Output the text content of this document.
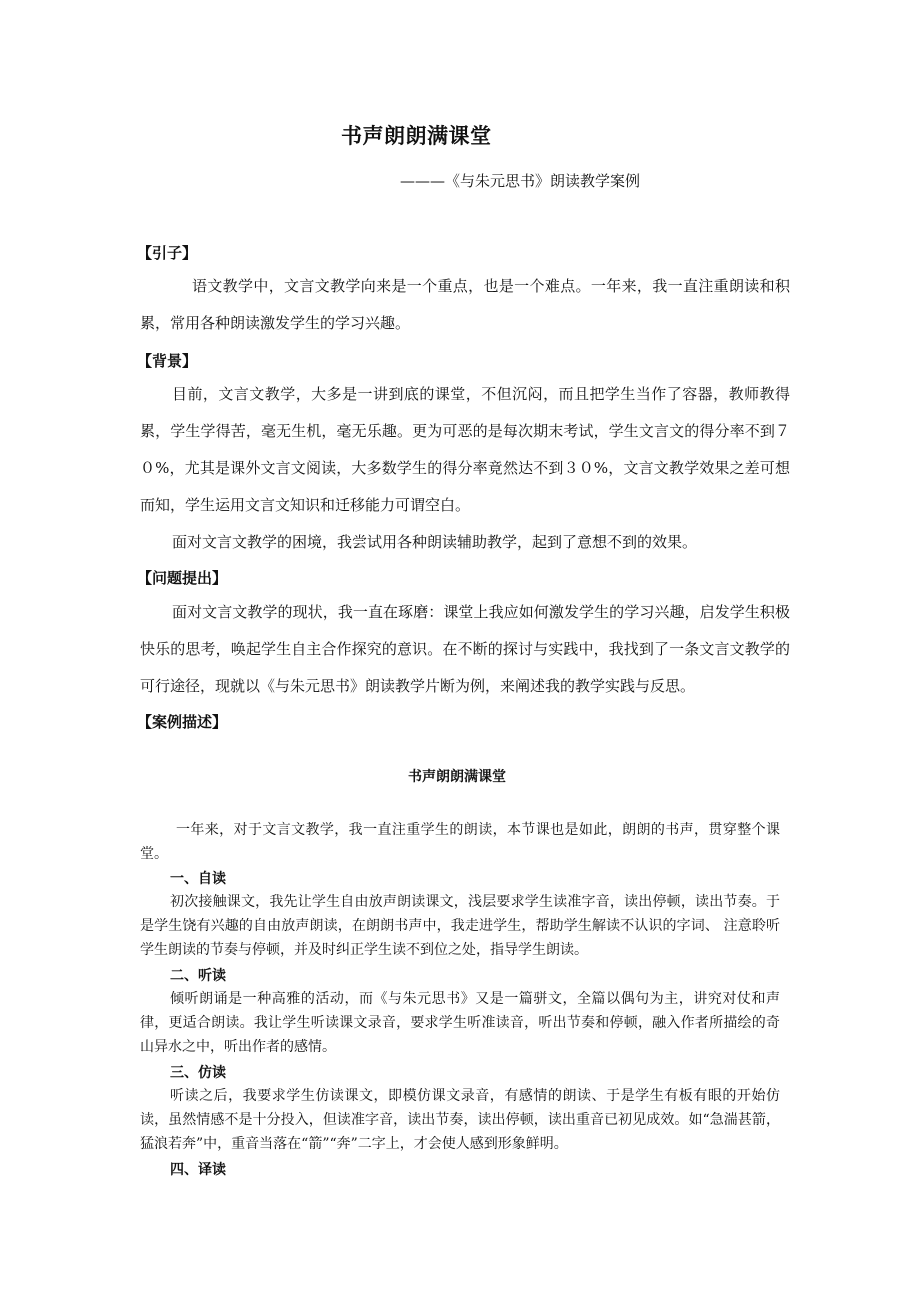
书声朗朗满课堂

———《与朱元思书》朗读教学案例

【引子】

语文教学中，文言文教学向来是一个重点，也是一个难点。一年来，我一直注重朗读和积累，常用各种朗读激发学生的学习兴趣。

【背景】

目前，文言文教学，大多是一讲到底的课堂，不但沉闷，而且把学生当作了容器，教师教得累，学生学得苦，毫无生机，毫无乐趣。更为可恶的是每次期末考试，学生文言文的得分率不到７０%，尤其是课外文言文阅读，大多数学生的得分率竟然达不到３０%，文言文教学效果之差可想而知，学生运用文言文知识和迁移能力可谓空白。

面对文言文教学的困境，我尝试用各种朗读辅助教学，起到了意想不到的效果。

【问题提出】

面对文言文教学的现状，我一直在琢磨：课堂上我应如何激发学生的学习兴趣，启发学生积极快乐的思考，唤起学生自主合作探究的意识。在不断的探讨与实践中，我找到了一条文言文教学的可行途径，现就以《与朱元思书》朗读教学片断为例，来阐述我的教学实践与反思。

【案例描述】

书声朗朗满课堂

一年来，对于文言文教学，我一直注重学生的朗读，本节课也是如此，朗朗的书声，贯穿整个课堂。

一、自读

初次接触课文，我先让学生自由放声朗读课文，浅层要求学生读准字音，读出停顿，读出节奏。于是学生饶有兴趣的自由放声朗读，在朗朗书声中，我走进学生，帮助学生解读不认识的字词、 注意聆听学生朗读的节奏与停顿，并及时纠正学生读不到位之处，指导学生朗读。

二、听读

倾听朗诵是一种高雅的活动，而《与朱元思书》又是一篇骈文，全篇以偶句为主，讲究对仗和声律，更适合朗读。我让学生听读课文录音，要求学生听准读音，听出节奏和停顿，融入作者所描绘的奇山异水之中，听出作者的感情。

三、仿读

听读之后，我要求学生仿读课文，即模仿课文录音，有感情的朗读、于是学生有板有眼的开始仿读，虽然情感不是十分投入，但读准字音，读出节奏，读出停顿，读出重音已初见成效。如“急湍甚箭，猛浪若奔”中，重音当落在“箭”“奔”二字上，才会使人感到形象鲜明。

四、译读
